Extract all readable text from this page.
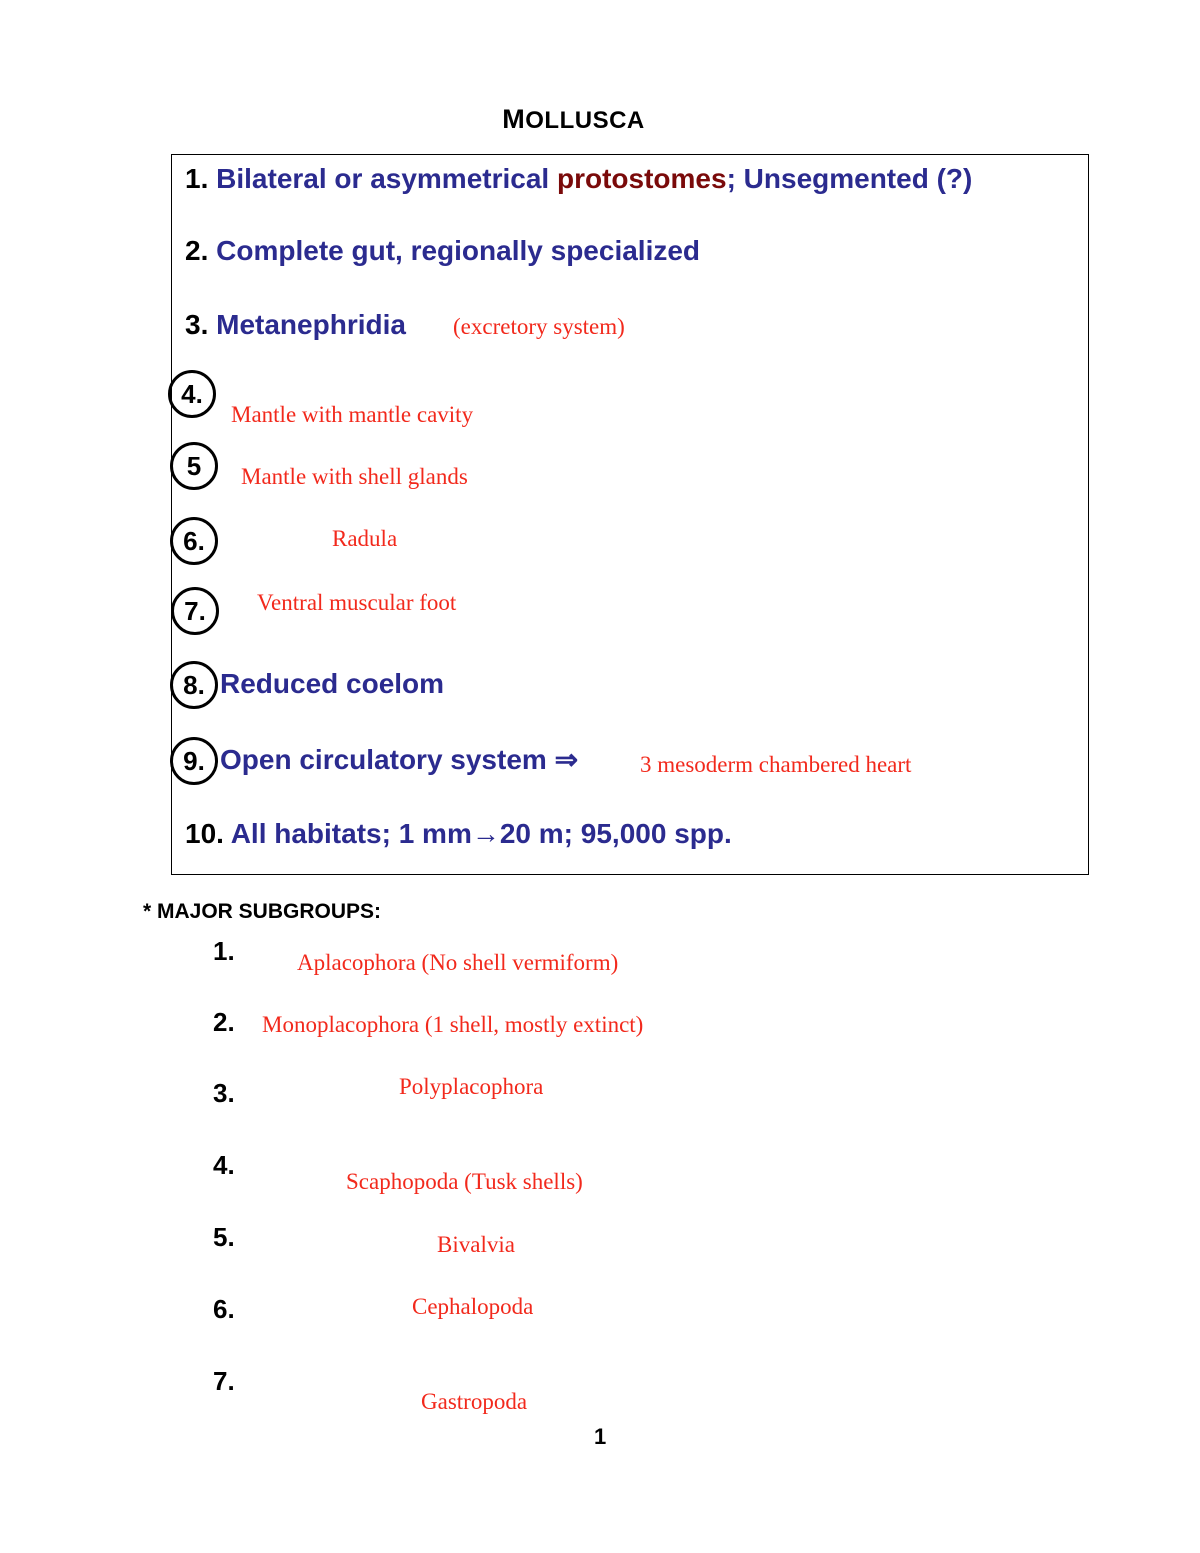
MOLLUSCA
1. Bilateral or asymmetrical protostomes; Unsegmented (?)
2. Complete gut, regionally specialized
3. Metanephridia (excretory system)
4.
Mantle with mantle cavity
5	Mantle with shell glands
6.	Radula
7.	Ventral muscular foot
8. Reduced coelom
9. Open circulatory system ⇒	3 mesoderm chambered heart
10. All habitats; 1 mm→20 m; 95,000 spp.
* MAJOR SUBGROUPS:
1.	Aplacophora (No shell vermiform)
2. Monoplacophora (1 shell, mostly extinct)
3.	Polyplacophora
4.
Scaphopoda (Tusk shells)
5.	Bivalvia
6.	Cephalopoda
7.
Gastropoda
1
